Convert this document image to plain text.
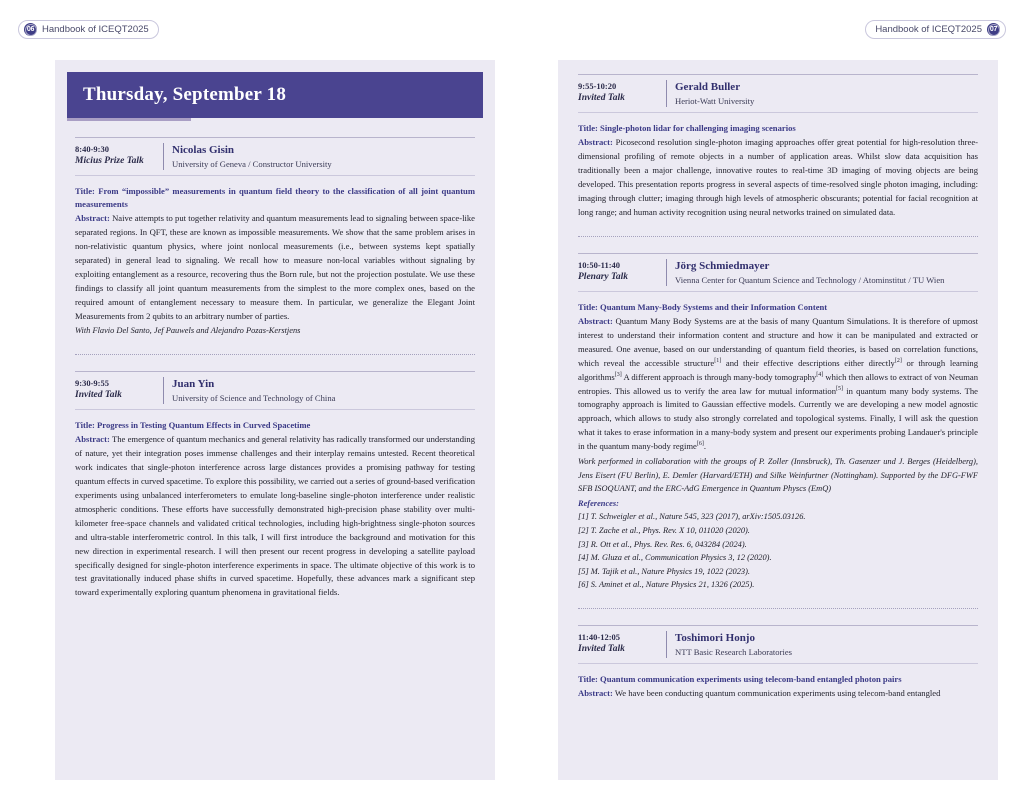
06 Handbook of ICEQT2025	Handbook of ICEQT2025 07
Thursday, September 18
8:40-9:30
Micius Prize Talk
Nicolas Gisin
University of Geneva / Constructor University

Title: From “impossible” measurements in quantum field theory to the classification of all joint quantum measurements

Abstract: Naive attempts to put together relativity and quantum measurements lead to signaling between space-like separated regions. In QFT, these are known as impossible measurements. We show that the same problem arises in non-relativistic quantum physics, where joint nonlocal measurements (i.e., between systems kept spatially separated) in general lead to signaling. We recall how to measure non-local variables without signaling by exploiting entanglement as a resource, recovering thus the Born rule, but not the projection postulate. We use these findings to classify all joint quantum measurements from the simplest to the more complex ones, based on the required amount of entanglement necessary to measure them. In particular, we generalize the Elegant Joint Measurements from 2 qubits to an arbitrary number of parties.

With Flavio Del Santo, Jef Pauwels and Alejandro Pozas-Kerstjens

9:30-9:55
Invited Talk
Juan Yin
University of Science and Technology of China

Title: Progress in Testing Quantum Effects in Curved Spacetime

Abstract: The emergence of quantum mechanics and general relativity has radically transformed our understanding of nature, yet their integration poses immense challenges and their interplay remains untested. Recent theoretical work indicates that single-photon interference across large distances provides a promising pathway for testing quantum effects in curved spacetime. To explore this possibility, we carried out a series of ground-based verification experiments using unbalanced interferometers to emulate long-baseline single-photon interference under realistic atmospheric conditions. These efforts have successfully demonstrated high-precision phase stability over multi-kilometer free-space channels and validated critical technologies, including high-brightness single-photon sources and ultra-stable interferometric control. In this talk, I will first introduce the background and motivation for this new direction in experimental research. I will then present our recent progress in developing a satellite payload specifically designed for single-photon interference experiments in space. The ultimate objective of this work is to test gravitationally induced phase shifts in curved spacetime. Hopefully, these advances mark a significant step toward experimentally exploring quantum phenomena in gravitational fields.

9:55-10:20
Invited Talk
Gerald Buller
Heriot-Watt University

Title: Single-photon lidar for challenging imaging scenarios

Abstract: Picosecond resolution single-photon imaging approaches offer great potential for high-resolution three-dimensional profiling of remote objects in a number of application areas. Whilst slow data acquisition has traditionally been a major challenge, innovative routes to real-time 3D imaging of moving objects are being developed. This presentation reports progress in several aspects of time-resolved single photon imaging, including: imaging through clutter; imaging through high levels of atmospheric obscurants; potential for facial recognition at long range; and human activity recognition using neural networks trained on simulated data.

10:50-11:40
Plenary Talk
Jörg Schmiedmayer
Vienna Center for Quantum Science and Technology / Atominstitut / TU Wien

Title: Quantum Many-Body Systems and their Information Content

Abstract: Quantum Many Body Systems are at the basis of many Quantum Simulations. It is therefore of upmost interest to understand their information content and structure and how it can be manipulated and extracted or measured. One avenue, based on our understanding of quantum field theories, is based on correlation functions, which reveal the accessible structure[1] and their effective descriptions either directly[2] or through learning algorithms[3] A different approach is through many-body tomography[4] which then allows to extract of von Neuman entropies. This allowed us to verify the area law for mutual information[5] in quantum many body systems. The tomography approach is limited to Gaussian effective models. Currently we are developing a new model agnostic approach, which allows to study also strongly correlated and topological systems. Finally, I will ask the question what it takes to erase information in a many-body system and present our experiments probing Landauer's principle in the quantum many-body regime[6].

Work performed in collaboration with the groups of P. Zoller (Innsbruck), Th. Gasenzer und J. Berges (Heidelberg), Jens Eisert (FU Berlin), E. Demler (Harvard/ETH) and Silke Weinfurtner (Nottingham). Supported by the DFG-FWF SFB ISOQUANT, and the ERC-AdG Emergence in Quantum Physcs (EmQ)

References:

[1] T. Schweigler et al., Nature 545, 323 (2017), arXiv:1505.03126.

[2] T. Zache et al., Phys. Rev. X 10, 011020 (2020).

[3] R. Ott et al., Phys. Rev. Res. 6, 043284 (2024).

[4] M. Gluza et al., Communication Physics 3, 12 (2020).

[5] M. Tajik et al., Nature Physics 19, 1022 (2023).

[6] S. Aminet et al., Nature Physics 21, 1326 (2025).

11:40-12:05
Invited Talk
Toshimori Honjo
NTT Basic Research Laboratories

Title: Quantum communication experiments using telecom-band entangled photon pairs

Abstract: We have been conducting quantum communication experiments using telecom-band entangled
